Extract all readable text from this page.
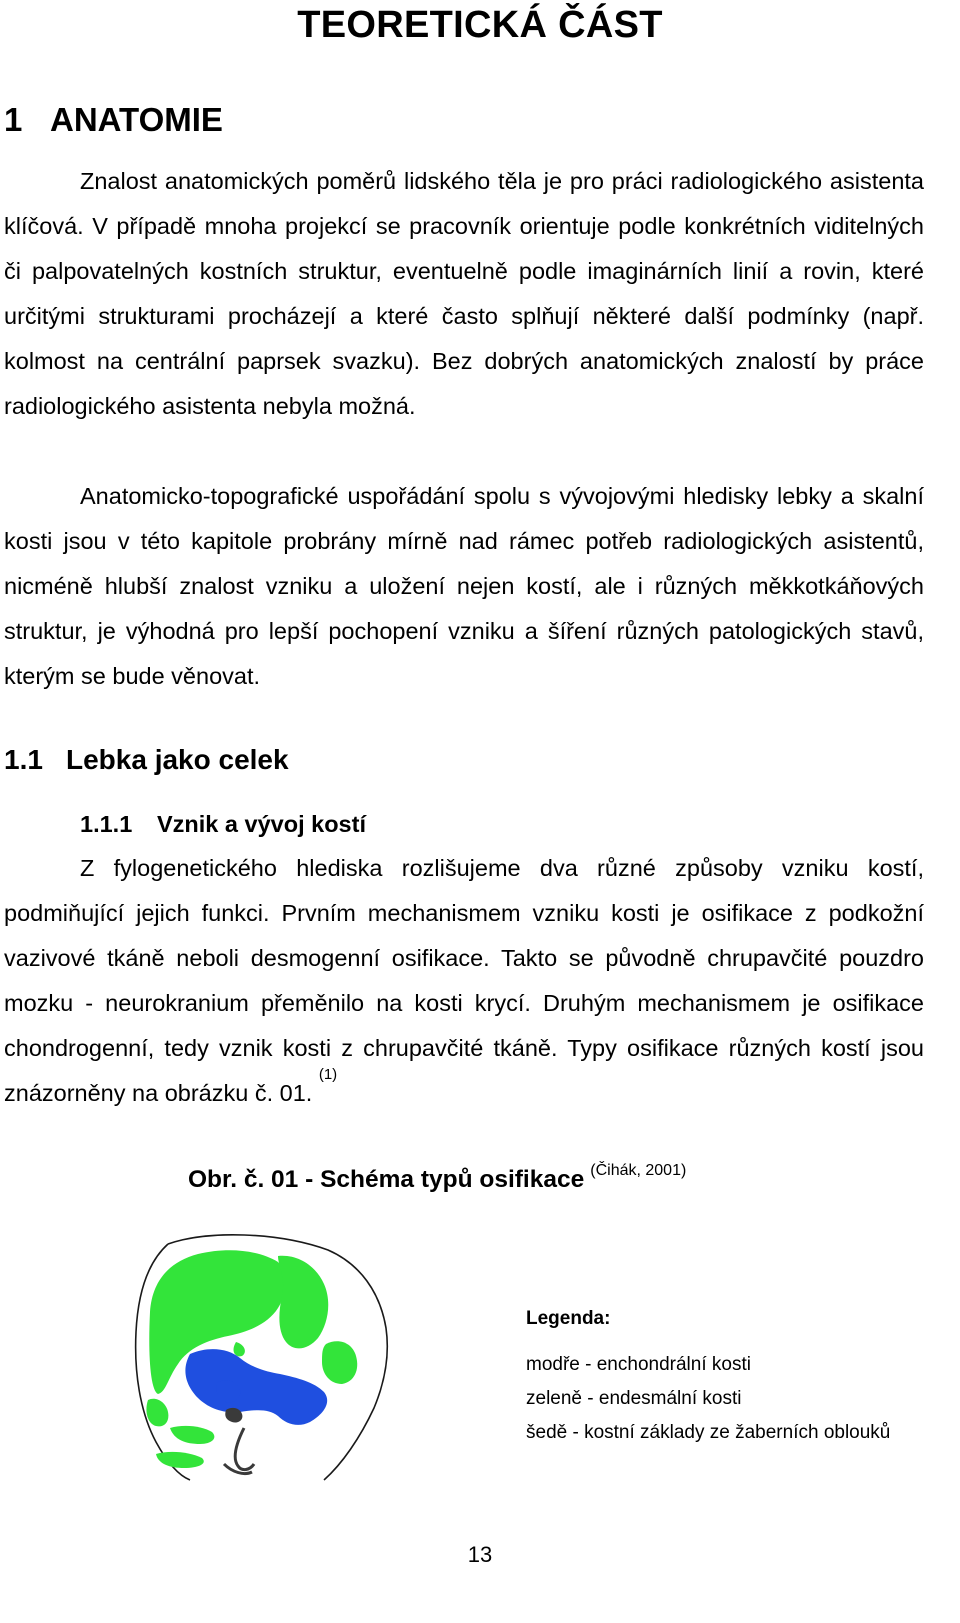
TEORETICKÁ ČÁST
1 ANATOMIE

Znalost anatomických poměrů lidského těla je pro práci radiologického asistenta klíčová. V případě mnoha projekcí se pracovník orientuje podle konkrétních viditelných či palpovatelných kostních struktur, eventuelně podle imaginárních linií a rovin, které určitými strukturami procházejí a které často splňují některé další podmínky (např. kolmost na centrální paprsek svazku). Bez dobrých anatomických znalostí by práce radiologického asistenta nebyla možná.

Anatomicko-topografické uspořádání spolu s vývojovými hledisky lebky a skalní kosti jsou v této kapitole probrány mírně nad rámec potřeb radiologických asistentů, nicméně hlubší znalost vzniku a uložení nejen kostí, ale i různých měkkotkáňových struktur, je výhodná pro lepší pochopení vzniku a šíření různých patologických stavů, kterým se bude věnovat.

1.1 Lebka jako celek
1.1.1 Vznik a vývoj kostí

Z fylogenetického hlediska rozlišujeme dva různé způsoby vzniku kostí, podmiňující jejich funkci. Prvním mechanismem vzniku kosti je osifikace z podkožní vazivové tkáně neboli desmogenní osifikace. Takto se původně chrupavčité pouzdro mozku - neurokranium přeměnilo na kosti krycí. Druhým mechanismem je osifikace chondrogenní, tedy vznik kosti z chrupavčité tkáně. Typy osifikace různých kostí jsou znázorněny na obrázku č. 01. $^{(1)}$

Obr. č. 01 - Schéma typů osifikace $^{(Čihák, 2001)}$
Legenda:
modře - enchondrální kosti
zeleně - endesmální kosti
šedě - kostní základy ze žaberních oblouků
13
